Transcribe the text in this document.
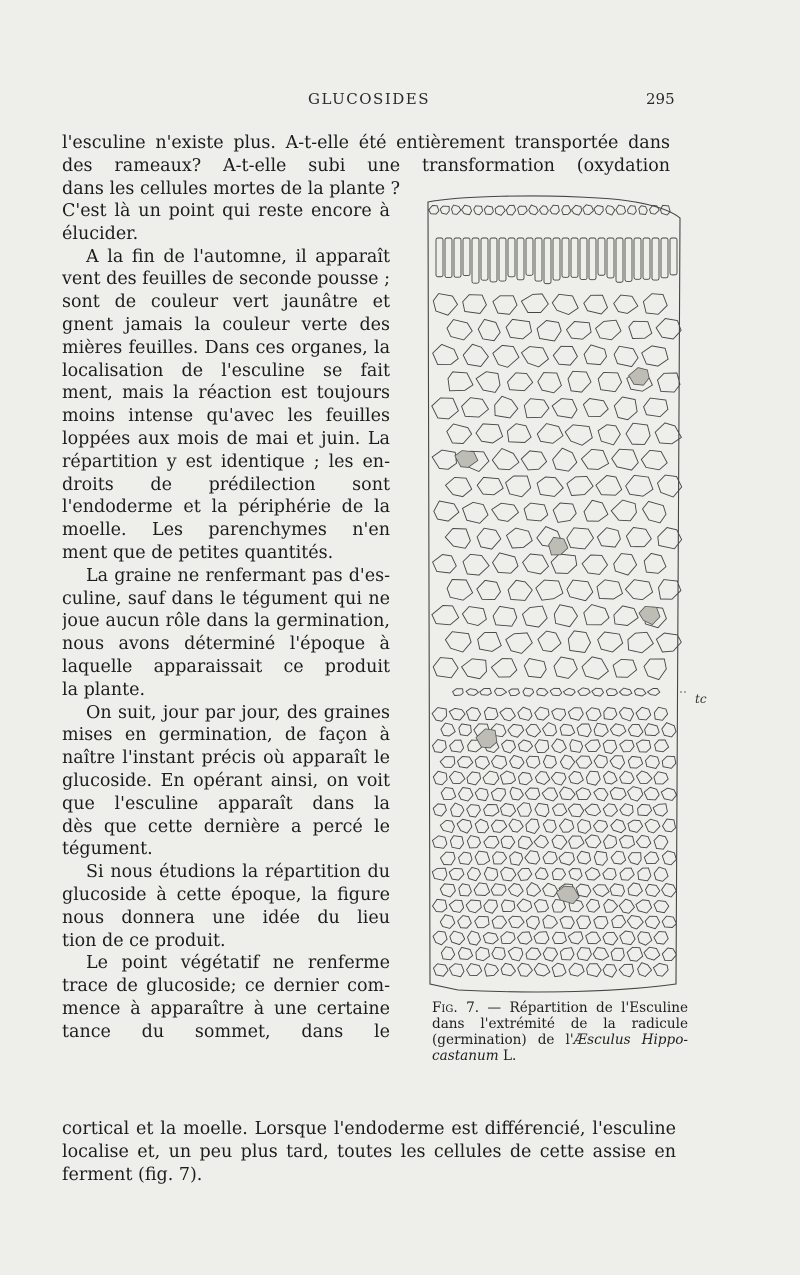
GLUCOSIDES	295
l'esculine n'existe plus. A-t-elle été entièrement transportée dans
des rameaux? A-t-elle subi une transformation (oxydation
dans les cellules mortes de la plante ?
C'est là un point qui reste encore à
élucider.
A la fin de l'automne, il apparaît
vent des feuilles de seconde pousse ;
sont de couleur vert jaunâtre et
gnent jamais la couleur verte des
mières feuilles. Dans ces organes, la
localisation de l'esculine se fait
ment, mais la réaction est toujours
moins intense qu'avec les feuilles
loppées aux mois de mai et juin. La
répartition y est identique ; les en-
droits de prédilection sont
l'endoderme et la périphérie de la
moelle. Les parenchymes n'en
ment que de petites quantités.
La graine ne renfermant pas d'es-
culine, sauf dans le tégument qui ne
joue aucun rôle dans la germination,
nous avons déterminé l'époque à
laquelle apparaissait ce produit
la plante.
On suit, jour par jour, des graines
mises en germination, de façon à
naître l'instant précis où apparaît le
glucoside. En opérant ainsi, on voit
que l'esculine apparaît dans la
dès que cette dernière a percé le
tégument.
Si nous étudions la répartition du
glucoside à cette époque, la figure
nous donnera une idée du lieu
tion de ce produit.
Le point végétatif ne renferme
trace de glucoside; ce dernier com-
mence à apparaître à une certaine
tance du sommet, dans le
tc
Fig. 7. — Répartition de l'Esculine
dans l'extrémité de la radicule
(germination) de l'Æsculus Hippo-
castanum L.
cortical et la moelle. Lorsque l'endoderme est différencié, l'esculine
localise et, un peu plus tard, toutes les cellules de cette assise en
ferment (fig. 7).
